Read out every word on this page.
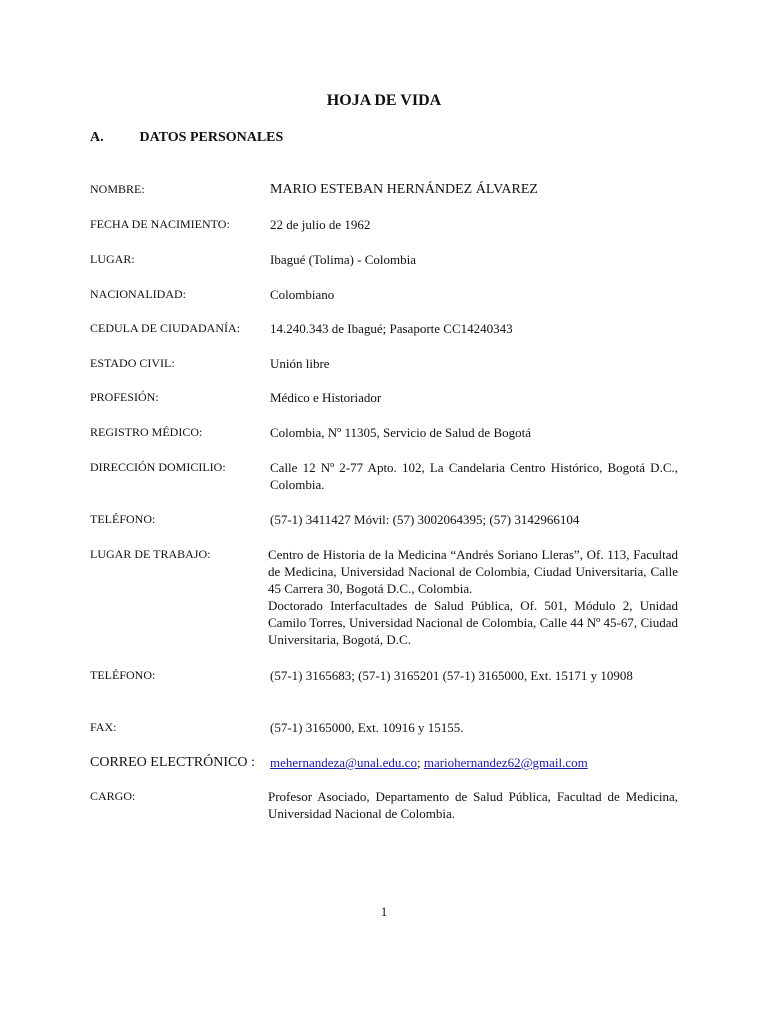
HOJA DE VIDA
A.	DATOS PERSONALES
NOMBRE:	MARIO ESTEBAN HERNÁNDEZ ÁLVAREZ
FECHA DE NACIMIENTO:	22 de julio de 1962
LUGAR:	Ibagué (Tolima) - Colombia
NACIONALIDAD:	Colombiano
CEDULA DE CIUDADANÍA:	14.240.343 de Ibagué; Pasaporte CC14240343
ESTADO CIVIL:	Unión libre
PROFESIÓN:	Médico e Historiador
REGISTRO MÉDICO:	Colombia, Nº 11305, Servicio de Salud de Bogotá
DIRECCIÓN DOMICILIO:	Calle 12 Nº 2-77 Apto. 102, La Candelaria Centro Histórico, Bogotá D.C., Colombia.
TELÉFONO:	(57-1) 3411427 Móvil: (57) 3002064395; (57) 3142966104
LUGAR DE TRABAJO:	Centro de Historia de la Medicina “Andrés Soriano Lleras”, Of. 113, Facultad de Medicina, Universidad Nacional de Colombia, Ciudad Universitaria, Calle 45 Carrera 30, Bogotá D.C., Colombia.
Doctorado Interfacultades de Salud Pública, Of. 501, Módulo 2, Unidad Camilo Torres, Universidad Nacional de Colombia, Calle 44 Nº 45-67, Ciudad Universitaria, Bogotá, D.C.
TELÉFONO:	(57-1) 3165683; (57-1) 3165201 (57-1) 3165000, Ext. 15171 y 10908
FAX:	(57-1) 3165000, Ext. 10916 y 15155.
CORREO ELECTRÓNICO :	mehernandeza@unal.edu.co; mariohernandez62@gmail.com
CARGO:	Profesor Asociado, Departamento de Salud Pública, Facultad de Medicina, Universidad Nacional de Colombia.
1
